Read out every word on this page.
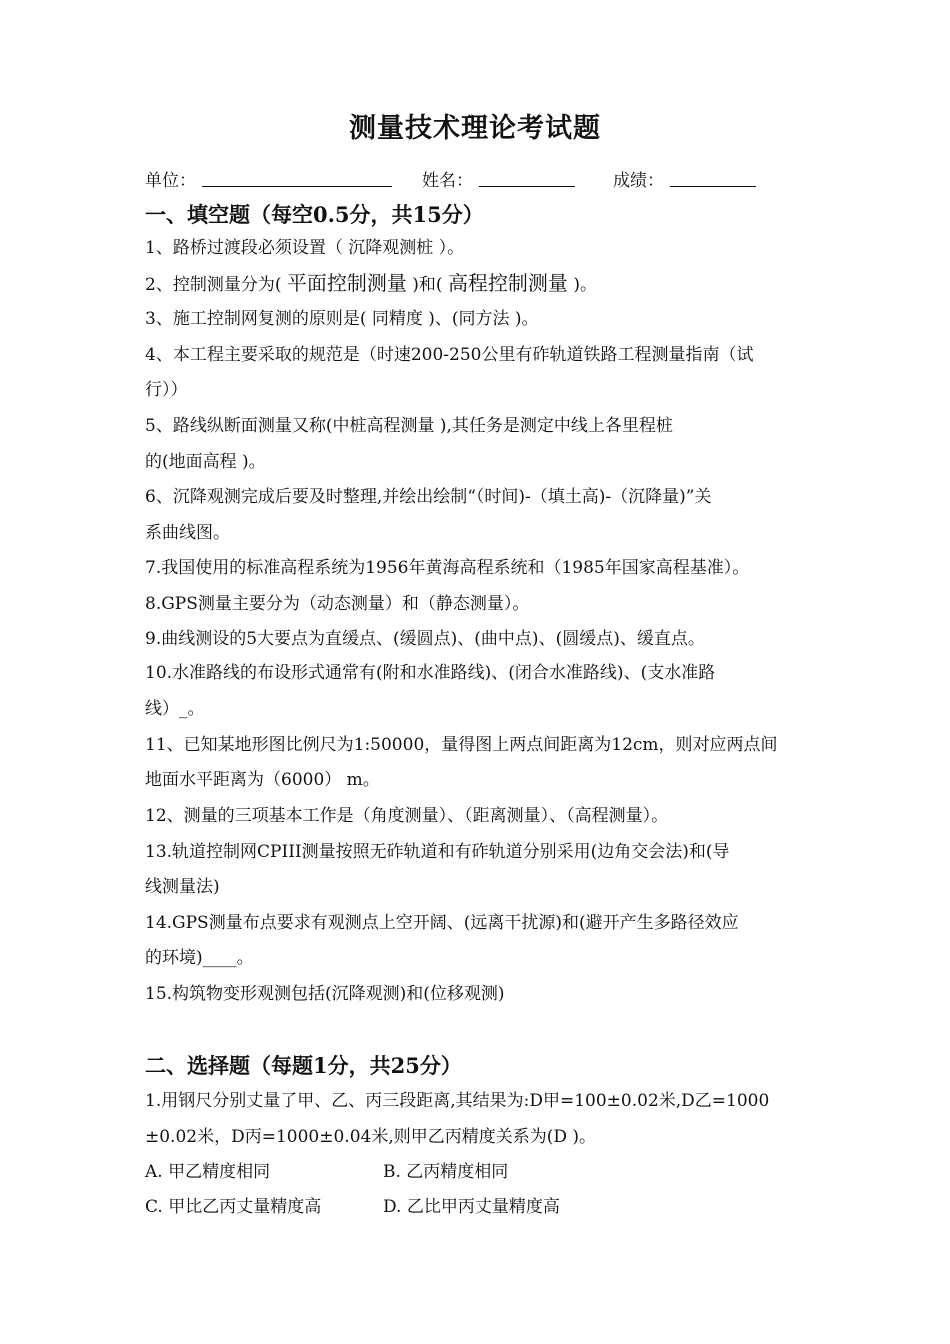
测量技术理论考试题
单位：	姓名：	成绩：
一、填空题（每空0.5分，共15分）
1、路桥过渡段必须设置（ 沉降观测桩 ）。
2、控制测量分为( 平面控制测量 )和( 高程控制测量 )。
3、施工控制网复测的原则是( 同精度 )、(同方法 )。
4、本工程主要采取的规范是（时速200-250公里有砟轨道铁路工程测量指南（试
行））
5、路线纵断面测量又称(中桩高程测量 ),其任务是测定中线上各里程桩
的(地面高程 )。
6、沉降观测完成后要及时整理,并绘出绘制“（时间)-（填土高)-（沉降量)”关
系曲线图。
7.我国使用的标准高程系统为1956年黄海高程系统和（1985年国家高程基准）。
8.GPS测量主要分为（动态测量）和（静态测量）。
9.曲线测设的5大要点为直缓点、(缓圆点)、(曲中点)、(圆缓点)、缓直点。
10.水准路线的布设形式通常有(附和水准路线)、(闭合水准路线)、(支水准路
线）_。
11、已知某地形图比例尺为1:50000，量得图上两点间距离为12cm，则对应两点间
地面水平距离为（6000） m。
12、测量的三项基本工作是（角度测量）、（距离测量）、（高程测量）。
13.轨道控制网CPIII测量按照无砟轨道和有砟轨道分别采用(边角交会法)和(导
线测量法)
14.GPS测量布点要求有观测点上空开阔、(远离干扰源)和(避开产生多路径效应
的环境)____。
15.构筑物变形观测包括(沉降观测)和(位移观测)
二、选择题（每题1分，共25分）
1.用钢尺分别丈量了甲、乙、丙三段距离,其结果为:D甲=100±0.02米,D乙=1000
±0.02米，D丙=1000±0.04米,则甲乙丙精度关系为(D )。
A. 甲乙精度相同	B. 乙丙精度相同
C. 甲比乙丙丈量精度高	D. 乙比甲丙丈量精度高
